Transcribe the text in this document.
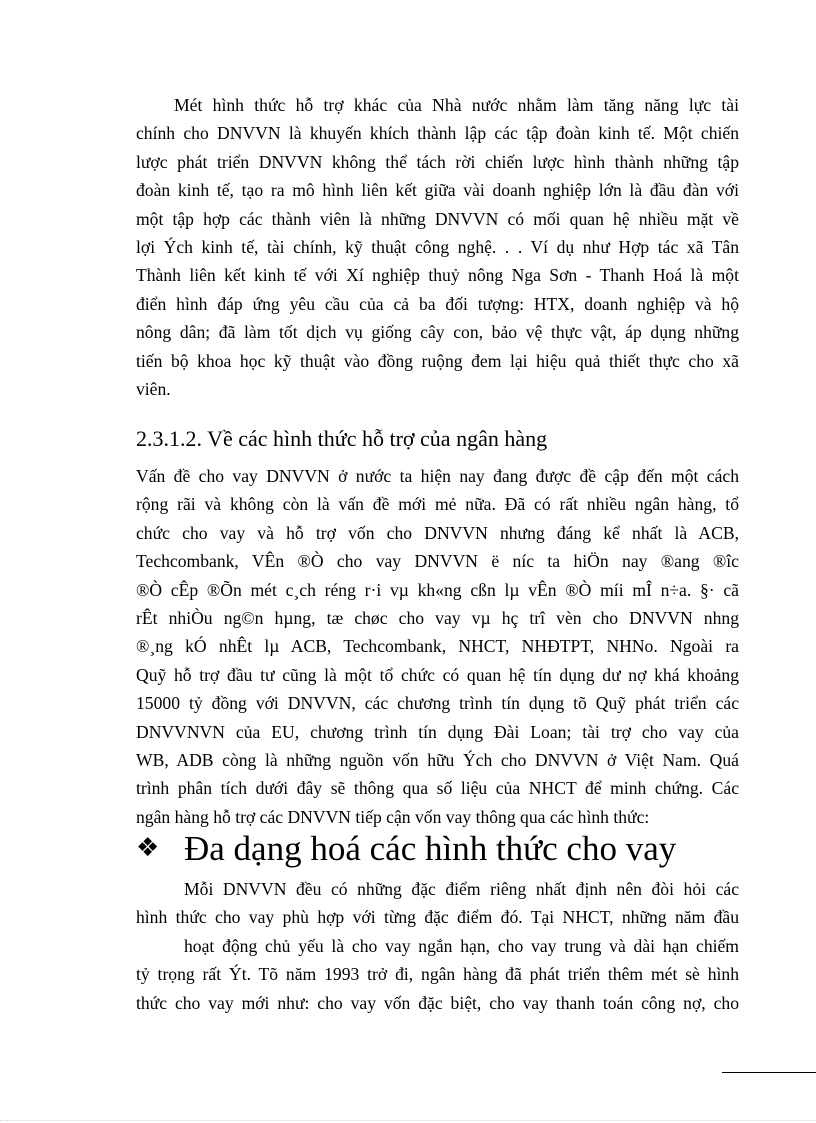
Mét hình thức hỗ trợ khác của Nhà nước nhằm làm tăng năng lực tài
chính cho DNVVN là khuyến khích thành lập các tập đoàn kinh tế. Một chiến
lược phát triển DNVVN không thể tách rời chiến lược hình thành những tập
đoàn kinh tế, tạo ra mô hình liên kết giữa vài doanh nghiệp lớn là đầu đàn với
một tập hợp các thành viên là những DNVVN có mối quan hệ nhiều mặt về
lợi Ých kinh tế, tài chính, kỹ thuật công nghệ. . . Ví dụ như Hợp tác xã Tân
Thành liên kết kinh tế với Xí nghiệp thuỷ nông Nga Sơn - Thanh Hoá là một
điển hình đáp ứng yêu cầu của cả ba đối tượng: HTX, doanh nghiệp và hộ
nông dân; đã làm tốt dịch vụ giống cây con, bảo vệ thực vật, áp dụng những
tiến bộ khoa học kỹ thuật vào đồng ruộng đem lại hiệu quả thiết thực cho xã
viên.
2.3.1.2. Về các hình thức hỗ trợ của ngân hàng
Vấn đề cho vay DNVVN ở nước ta hiện nay đang được đề cập đến một cách
rộng rãi và không còn là vấn đề mới mẻ nữa. Đã có rất nhiều ngân hàng, tổ
chức cho vay và hỗ trợ vốn cho DNVVN nhưng đáng kể nhất là ACB,
Techcombank, VÊn ®Ò cho vay DNVVN ë níc ta hiÖn nay ®ang ®îc
®Ò cÊp ®Õn mét c¸ch réng r·i vµ kh«ng cßn lµ vÊn ®Ò míi mÎ n÷a. §· cã
rÊt nhiÒu ng©n hµng, tæ chøc cho vay vµ hç trî vèn cho DNVVN nhng
®¸ng kÓ nhÊt lµ ACB, Techcombank, NHCT, NHĐTPT, NHNo. Ngoài ra
Quỹ hỗ trợ đầu tư cũng là một tổ chức có quan hệ tín dụng dư nợ khá khoảng
15000 tỷ đồng với DNVVN, các chương trình tín dụng tõ Quỹ phát triển các
DNVVNVN của EU, chương trình tín dụng Đài Loan; tài trợ cho vay của
WB, ADB còng là những nguồn vốn hữu Ých cho DNVVN ở Việt Nam. Quá
trình phân tích dưới đây sẽ thông qua số liệu của NHCT để minh chứng. Các
ngân hàng hỗ trợ các DNVVN tiếp cận vốn vay thông qua các hình thức:
❖ Đa dạng hoá các hình thức cho vay
Mỗi DNVVN đều có những đặc điểm riêng nhất định nên đòi hỏi các
hình thức cho vay phù hợp với từng đặc điểm đó. Tại NHCT, những năm đầu
hoạt động chủ yếu là cho vay ngắn hạn, cho vay trung và dài hạn chiếm
tỷ trọng rất Ýt. Tõ năm 1993 trở đi, ngân hàng đã phát triển thêm mét sè hình
thức cho vay mới như: cho vay vốn đặc biệt, cho vay thanh toán công nợ, cho
